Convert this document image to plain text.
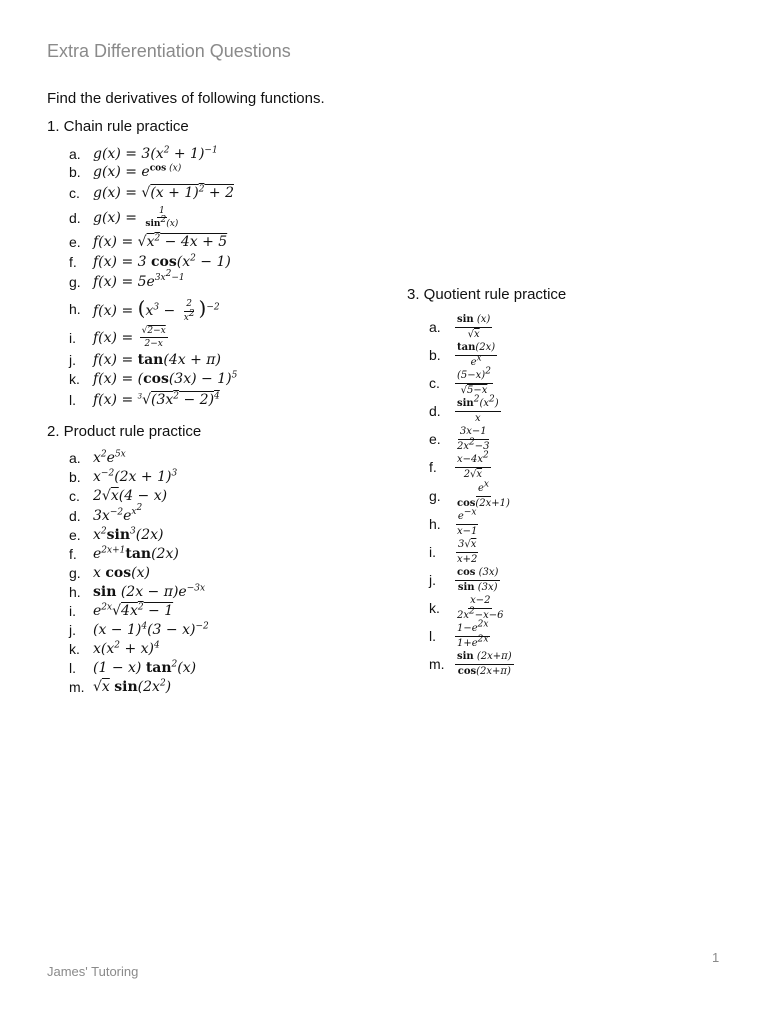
Extra Differentiation Questions
Find the derivatives of following functions.
1. Chain rule practice
a. $g(x) = 3(x^2 + 1)^{-1}$
b. $g(x) = e^{cos (x)}$
c. $g(x) = √(x + 1)^2 + 2$
d. $g(x) = \frac{1}{\sin^2(x)}$
e. $f(x) = √x^2 - 4x + 5$
f.	f(x) = 3 $\cos(x^2 - 1)$
g. $f(x) = 5e^{3x^2-1}$
h. $f(x) = (x^3 - \frac{2}{x^2} )^{-2}$
i.	$f(x) = \frac{√2-x}{2-x}$
j.	f(x) = tan(4x + π)
k. $f(x) = (\cos(3x) - 1)^5$
l.	$f(x) = ^3√(3x^2 - 2)^4$
2. Product rule practice
a. $x^2e^{5x}$
b. $x^{-2}(2x + 1)^3$
c. 2√x(4 − x)
d. $3x^{-2}e^{x^2}$
e. $x^2\sin^3(2x)$
f.	$e^{2x+1}\tan(2x)$
g. x cos(x)
h. $\sin (2x - \pi)e^{-3x}$
i.	$e^{2x}√4x^2 - 1$
j.	$(x - 1)^4(3 - x)^{-2}$
k. $x(x^2 + x)^4$
l.	(1 − x) $\tan^2(x)$
m. √x $\sin(2x^2)$
3. Quotient rule practice
a.	$\frac{\sin (x)}{√x}$
b.	$\frac{\tan(2x)}{e^x}$
c.	$\frac{(5-x)^2}{√5-x}$
d.	$\frac{\sin^2(x^2)}{x}$
e.	$\frac{3x-1}{2x^2-3}$
f.	$\frac{x-4x^2}{2√x}$
g.	$\frac{e^x}{\cos(2x+1)}$
h.	$\frac{e^{-x}}{x-1}$
i.	$\frac{3√x}{x+2}$
j.	$\frac{\cos (3x)}{\sin (3x)}$
k.	$\frac{x-2}{2x^2-x-6}$
l.	$\frac{1-e^{2x}}{1+e^{2x}}$
m.	$\frac{\sin (2x+\pi)}{\cos(2x+\pi)}$
James' Tutoring
1
